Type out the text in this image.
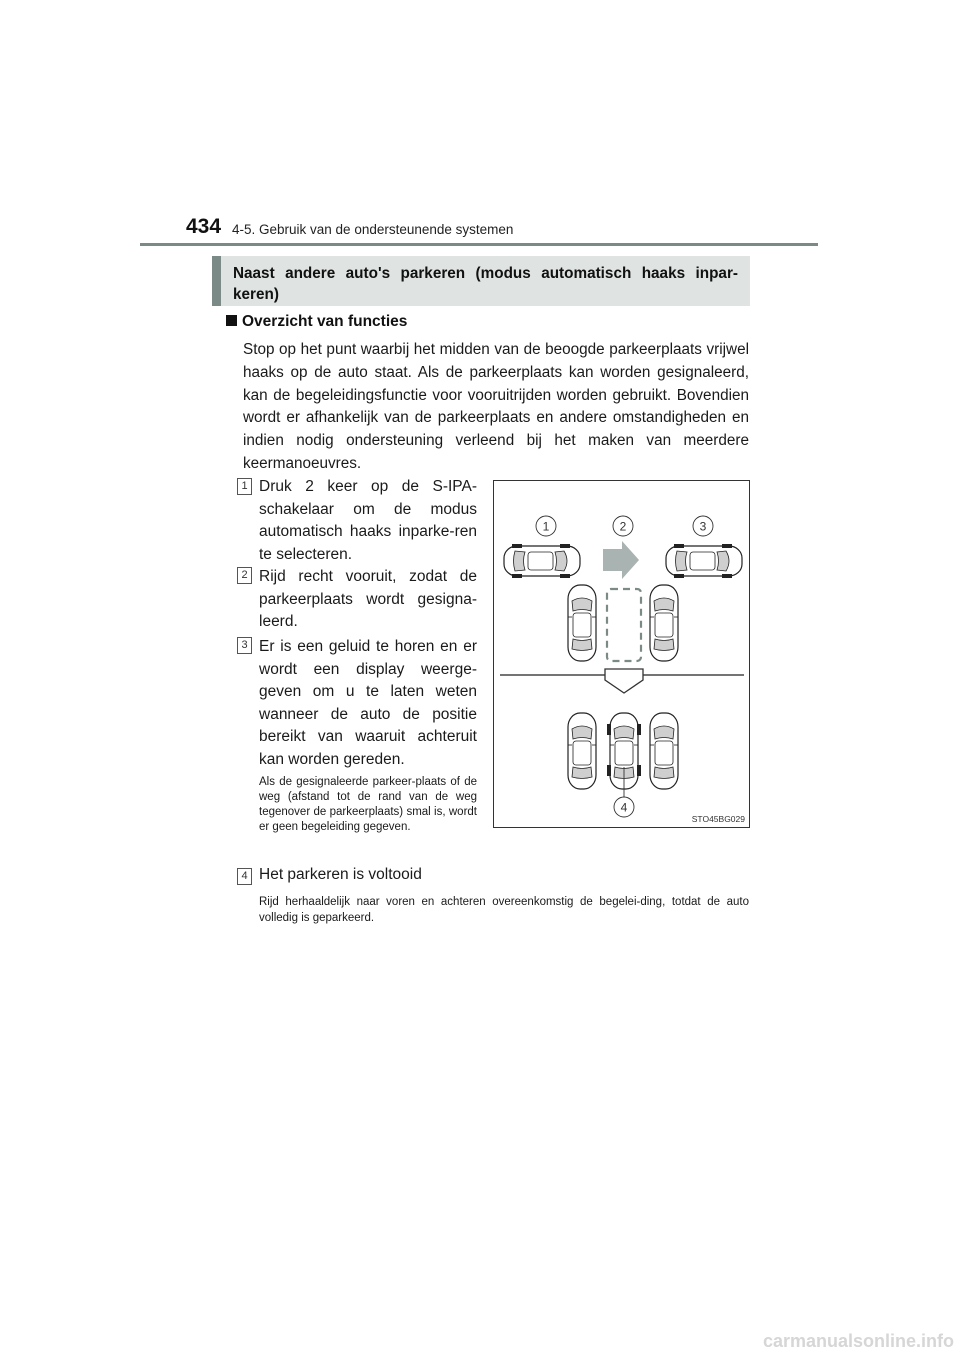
434 4-5. Gebruik van de ondersteunende systemen
Naast andere auto's parkeren (modus automatisch haaks inpar-keren)
Overzicht van functies
Stop op het punt waarbij het midden van de beoogde parkeerplaats vrijwel haaks op de auto staat. Als de parkeerplaats kan worden gesignaleerd, kan de begeleidingsfunctie voor vooruitrijden worden gebruikt. Bovendien wordt er afhankelijk van de parkeerplaats en andere omstandigheden en indien nodig ondersteuning verleend bij het maken van meerdere keermanoeuvres.
1 Druk 2 keer op de S-IPA-schakelaar om de modus automatisch haaks inparke-ren te selecteren.
2 Rijd recht vooruit, zodat de parkeerplaats wordt gesigna-leerd.
3 Er is een geluid te horen en er wordt een display weerge-geven om u te laten weten wanneer de auto de positie bereikt van waaruit achteruit kan worden gereden.
Als de gesignaleerde parkeer-plaats of de weg (afstand tot de rand van de weg tegenover de parkeerplaats) smal is, wordt er geen begeleiding gegeven.
4 Het parkeren is voltooid
Rijd herhaaldelijk naar voren en achteren overeenkomstig de begelei-ding, totdat de auto volledig is geparkeerd.
1	2	3
4
STO45BG029
carmanualsonline.info
